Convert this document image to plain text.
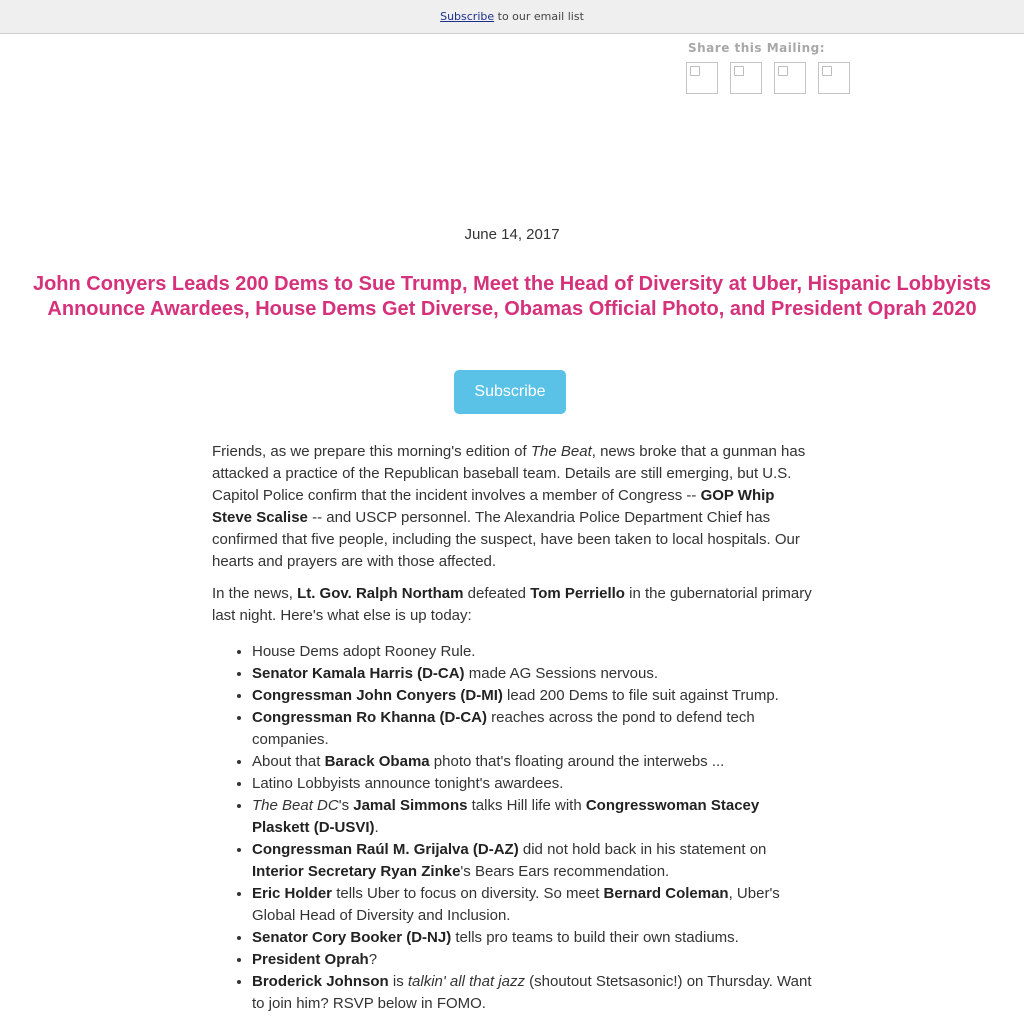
Subscribe to our email list
Share this Mailing:
June 14, 2017
John Conyers Leads 200 Dems to Sue Trump, Meet the Head of Diversity at Uber, Hispanic Lobbyists Announce Awardees, House Dems Get Diverse, Obamas Official Photo, and President Oprah 2020
Subscribe

Friends, as we prepare this morning's edition of The Beat, news broke that a gunman has attacked a practice of the Republican baseball team. Details are still emerging, but U.S. Capitol Police confirm that the incident involves a member of Congress -- GOP Whip Steve Scalise -- and USCP personnel. The Alexandria Police Department Chief has confirmed that five people, including the suspect, have been taken to local hospitals. Our hearts and prayers are with those affected.

In the news, Lt. Gov. Ralph Northam defeated Tom Perriello in the gubernatorial primary last night. Here's what else is up today:

• House Dems adopt Rooney Rule.
• Senator Kamala Harris (D-CA) made AG Sessions nervous.
• Congressman John Conyers (D-MI) lead 200 Dems to file suit against Trump.
• Congressman Ro Khanna (D-CA) reaches across the pond to defend tech companies.
• About that Barack Obama photo that's floating around the interwebs ...
• Latino Lobbyists announce tonight's awardees.
• The Beat DC's Jamal Simmons talks Hill life with Congresswoman Stacey Plaskett (D-USVI).
• Congressman Raúl M. Grijalva (D-AZ) did not hold back in his statement on Interior Secretary Ryan Zinke's Bears Ears recommendation.
• Eric Holder tells Uber to focus on diversity. So meet Bernard Coleman, Uber's Global Head of Diversity and Inclusion.
• Senator Cory Booker (D-NJ) tells pro teams to build their own stadiums.
• President Oprah?
• Broderick Johnson is talkin' all that jazz (shoutout Stetsasonic!) on Thursday. Want to join him? RSVP below in FOMO.
